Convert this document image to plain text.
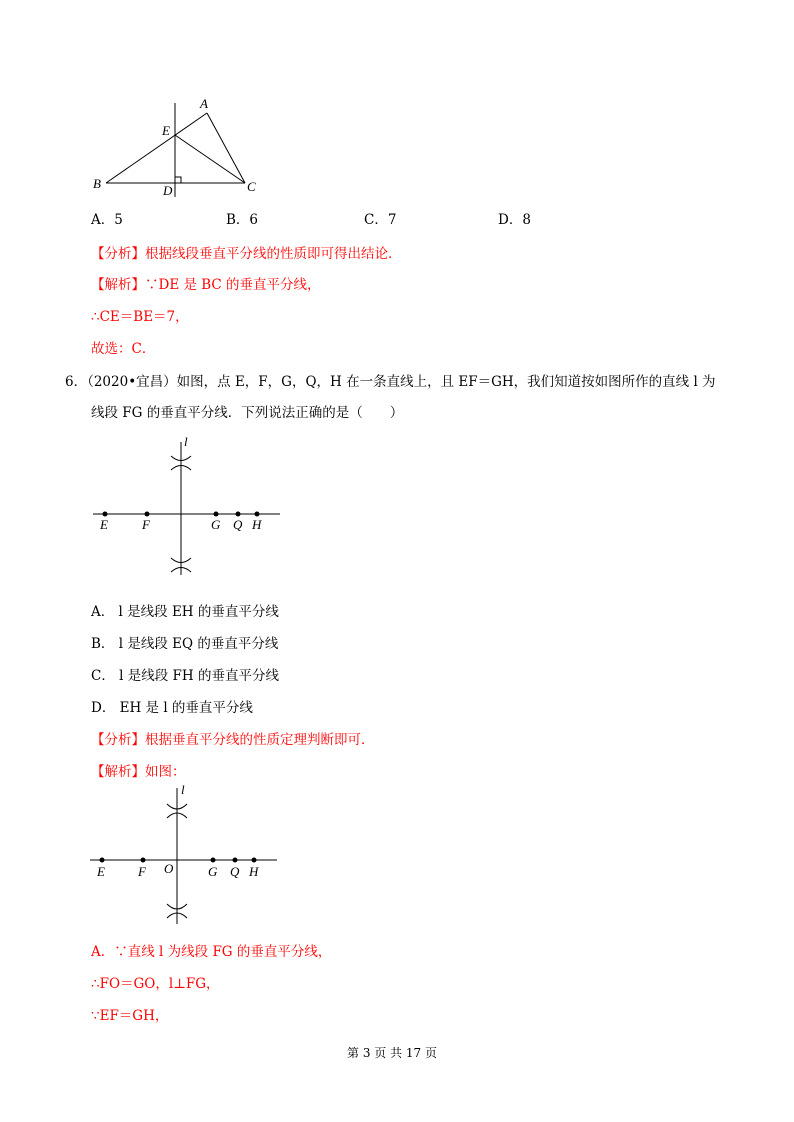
A
E
B	D	C
A．5	B．6	C．7	D．8
【分析】根据线段垂直平分线的性质即可得出结论．
【解析】∵DE 是 BC 的垂直平分线，
∴CE＝BE＝7，
故选：C．
6．（2020•宜昌）如图，点 E，F，G，Q，H 在一条直线上，且 EF＝GH，我们知道按如图所作的直线 l 为
线段 FG 的垂直平分线．下列说法正确的是（　　）
l
E	F	G Q H
A． l 是线段 EH 的垂直平分线
B． l 是线段 EQ 的垂直平分线
C． l 是线段 FH 的垂直平分线
D． EH 是 l 的垂直平分线
【分析】根据垂直平分线的性质定理判断即可．
【解析】如图：
l
E	F O	G Q H
A．∵直线 l 为线段 FG 的垂直平分线，
∴FO＝GO，l⊥FG，
∵EF＝GH，
第 3 页 共 17 页
